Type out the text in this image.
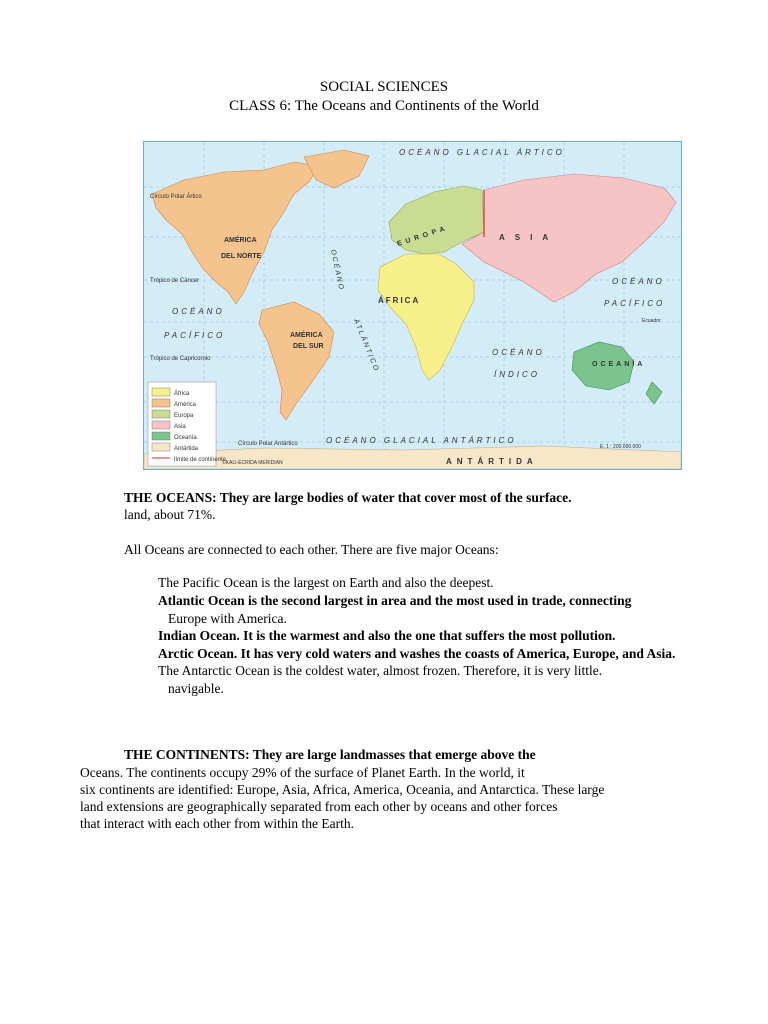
SOCIAL SCIENCES
CLASS 6: The Oceans and Continents of the World
OCÉANO GLACIAL ÁRTICO
Círculo Polar Ártico
AMÉRICA
DEL NORTE
EUROPA	ASIA
ÁFRICA
AMÉRICA
DEL SUR
OCEANÍA
Trópico de Cáncer
Trópico de Capricornio
Ecuador
OCÉANO
PACÍFICO
OCÉANO
PACÍFICO
OCÉANO
ATLÁNTICO	OCÉANO
ÍNDICO
Círculo Polar Antártico	OCÉANO GLACIAL ANTÁRTICO
ANTÁRTIDA
E. 1 : 200.000.000
©KALI-ECRIDA MERIDIAN
África
América
Europa
Asia
Oceanía
Antártida
límite de continente
THE OCEANS: They are large bodies of water that cover most of the surface.
land, about 71%.
All Oceans are connected to each other. There are five major Oceans:
The Pacific Ocean is the largest on Earth and also the deepest.
Atlantic Ocean is the second largest in area and the most used in trade, connecting
Europe with America.
Indian Ocean. It is the warmest and also the one that suffers the most pollution.
Arctic Ocean. It has very cold waters and washes the coasts of America, Europe, and Asia.
The Antarctic Ocean is the coldest water, almost frozen. Therefore, it is very little.
navigable.
THE CONTINENTS: They are large landmasses that emerge above the
Oceans. The continents occupy 29% of the surface of Planet Earth. In the world, it
six continents are identified: Europe, Asia, Africa, America, Oceania, and Antarctica. These large
land extensions are geographically separated from each other by oceans and other forces
that interact with each other from within the Earth.
